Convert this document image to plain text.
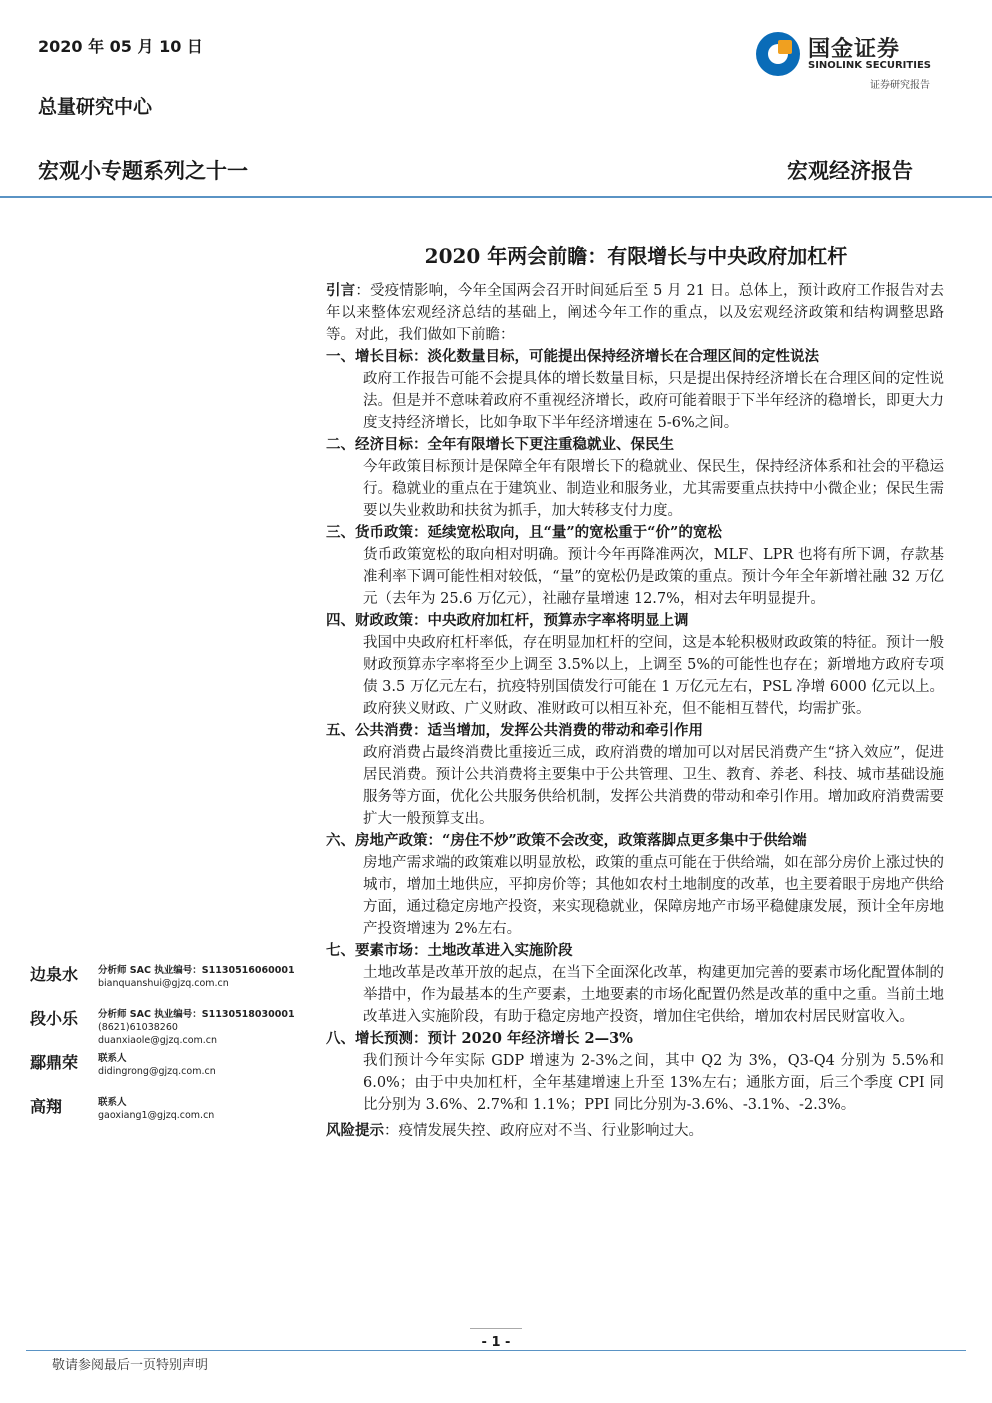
2020 年 05 月 10 日	国金证券
SINOLINK SECURITIES
证券研究报告
总量研究中心
宏观小专题系列之十一	宏观经济报告
2020 年两会前瞻：有限增长与中央政府加杠杆

引言：受疫情影响，今年全国两会召开时间延后至 5 月 21 日。总体上，预计政府工作报告对去年以来整体宏观经济总结的基础上，阐述今年工作的重点，以及宏观经济政策和结构调整思路等。对此，我们做如下前瞻：

一、增长目标：淡化数量目标，可能提出保持经济增长在合理区间的定性说法

政府工作报告可能不会提具体的增长数量目标，只是提出保持经济增长在合理区间的定性说法。但是并不意味着政府不重视经济增长，政府可能着眼于下半年经济的稳增长，即更大力度支持经济增长，比如争取下半年经济增速在 5-6%之间。

二、经济目标：全年有限增长下更注重稳就业、保民生

今年政策目标预计是保障全年有限增长下的稳就业、保民生，保持经济体系和社会的平稳运行。稳就业的重点在于建筑业、制造业和服务业，尤其需要重点扶持中小微企业；保民生需要以失业救助和扶贫为抓手，加大转移支付力度。

三、货币政策：延续宽松取向，且“量”的宽松重于“价”的宽松

货币政策宽松的取向相对明确。预计今年再降准两次，MLF、LPR 也将有所下调，存款基准利率下调可能性相对较低，“量”的宽松仍是政策的重点。预计今年全年新增社融 32 万亿元（去年为 25.6 万亿元），社融存量增速 12.7%，相对去年明显提升。

四、财政政策：中央政府加杠杆，预算赤字率将明显上调

我国中央政府杠杆率低，存在明显加杠杆的空间，这是本轮积极财政政策的特征。预计一般财政预算赤字率将至少上调至 3.5%以上，上调至 5%的可能性也存在；新增地方政府专项债 3.5 万亿元左右，抗疫特别国债发行可能在 1 万亿元左右，PSL 净增 6000 亿元以上。政府狭义财政、广义财政、准财政可以相互补充，但不能相互替代，均需扩张。

五、公共消费：适当增加，发挥公共消费的带动和牵引作用

政府消费占最终消费比重接近三成，政府消费的增加可以对居民消费产生“挤入效应”，促进居民消费。预计公共消费将主要集中于公共管理、卫生、教育、养老、科技、城市基础设施服务等方面，优化公共服务供给机制，发挥公共消费的带动和牵引作用。增加政府消费需要扩大一般预算支出。

六、房地产政策：“房住不炒”政策不会改变，政策落脚点更多集中于供给端

房地产需求端的政策难以明显放松，政策的重点可能在于供给端，如在部分房价上涨过快的城市，增加土地供应，平抑房价等；其他如农村土地制度的改革，也主要着眼于房地产供给方面，通过稳定房地产投资，来实现稳就业，保障房地产市场平稳健康发展，预计全年房地产投资增速为 2%左右。

七、要素市场：土地改革进入实施阶段

土地改革是改革开放的起点，在当下全面深化改革，构建更加完善的要素市场化配置体制的举措中，作为最基本的生产要素，土地要素的市场化配置仍然是改革的重中之重。当前土地改革进入实施阶段，有助于稳定房地产投资，增加住宅供给，增加农村居民财富收入。

八、增长预测：预计 2020 年经济增长 2—3%

我们预计今年实际 GDP 增速为 2-3%之间，其中 Q2 为 3%，Q3-Q4 分别为 5.5%和 6.0%；由于中央加杠杆，全年基建增速上升至 13%左右；通胀方面，后三个季度 CPI 同比分别为 3.6%、2.7%和 1.1%；PPI 同比分别为-3.6%、-3.1%、-2.3%。

风险提示：疫情发展失控、政府应对不当、行业影响过大。

边泉水 分析师 SAC 执业编号：S1130516060001
bianquanshui@gjzq.com.cn
段小乐 分析师 SAC 执业编号：S1130518030001
(8621)61038260
duanxiaole@gjzq.com.cn
鄢鼎荣 联系人
didingrong@gjzq.com.cn
高翔	联系人
gaoxiang1@gjzq.com.cn
- 1 -
敬请参阅最后一页特别声明
